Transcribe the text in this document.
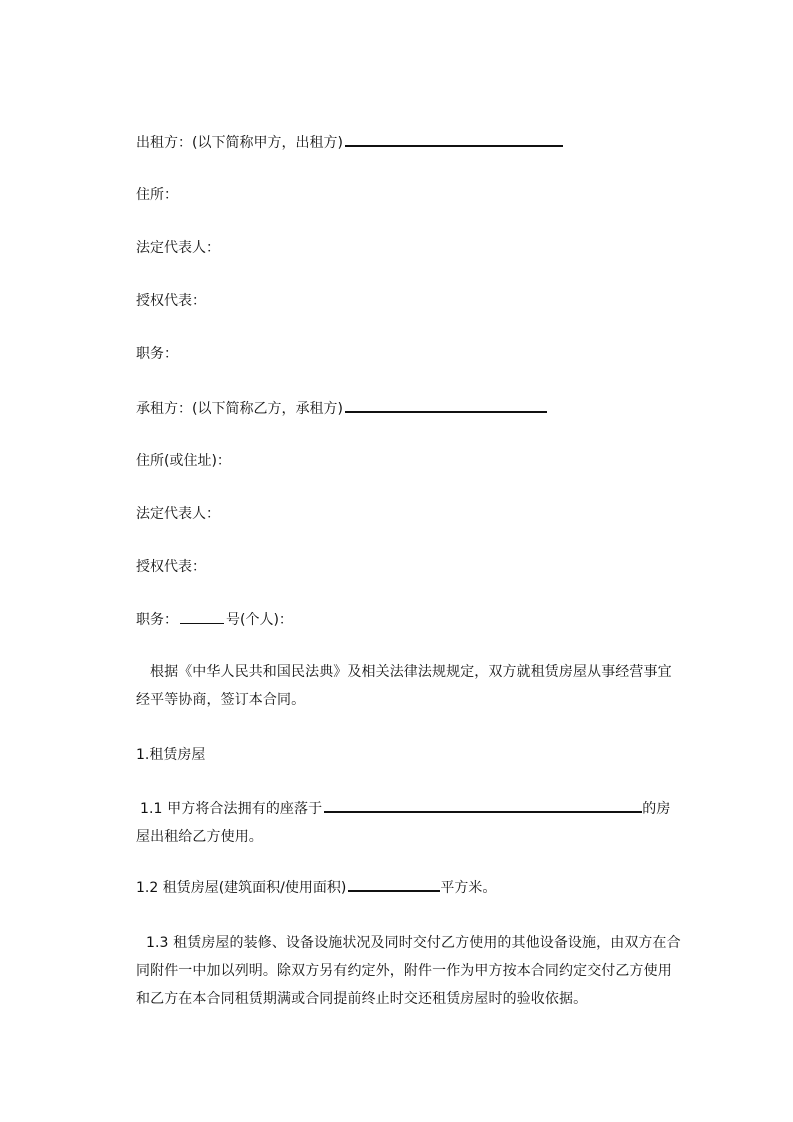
出租方：(以下简称甲方，出租方)
住所：
法定代表人：
授权代表：
职务：
承租方：(以下简称乙方，承租方)
住所(或住址)：
法定代表人：
授权代表：
职务：	号(个人)：
根据《中华人民共和国民法典》及相关法律法规规定，双方就租赁房屋从事经营事宜经平等协商，签订本合同。
1.租赁房屋
1.1 甲方将合法拥有的座落于	的房屋出租给乙方使用。
1.2 租赁房屋(建筑面积/使用面积)	平方米。
1.3 租赁房屋的装修、设备设施状况及同时交付乙方使用的其他设备设施，由双方在合同附件一中加以列明。除双方另有约定外，附件一作为甲方按本合同约定交付乙方使用和乙方在本合同租赁期满或合同提前终止时交还租赁房屋时的验收依据。
